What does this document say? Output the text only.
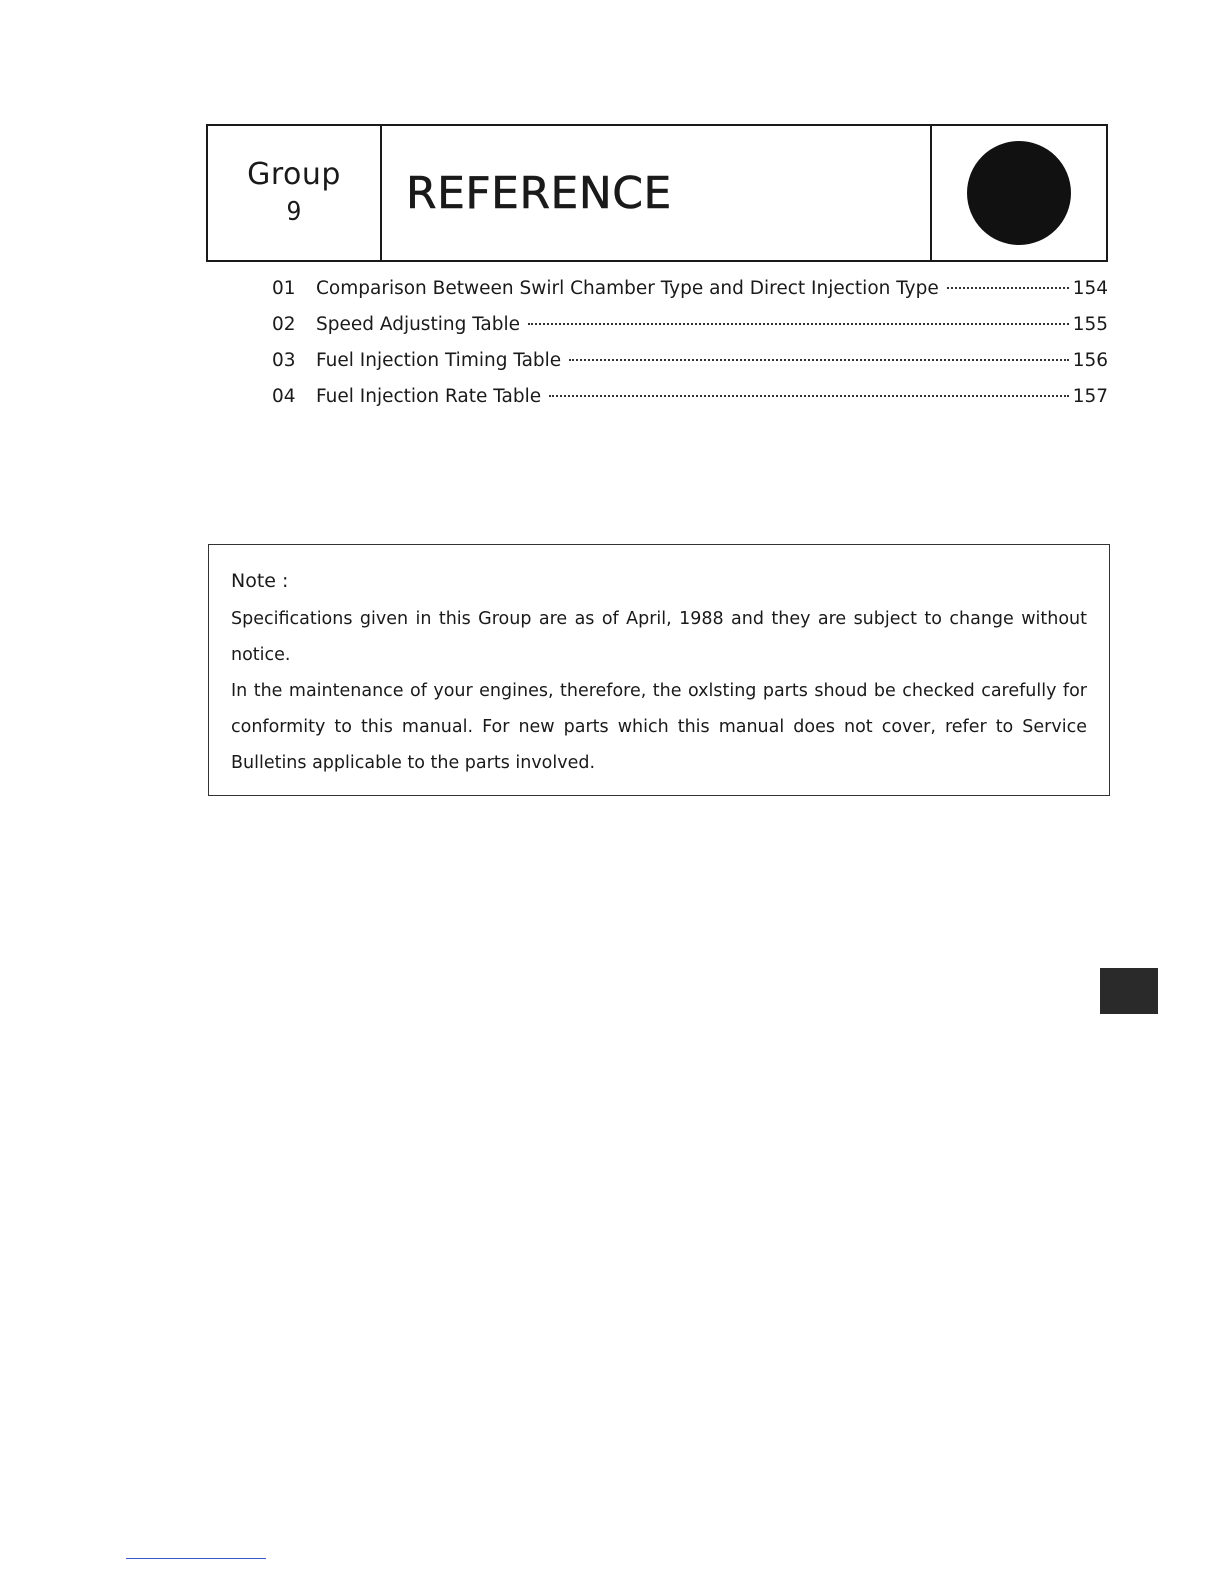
Group
9 REFERENCE
01	Comparison Between Swirl Chamber Type and Direct Injection Type	154
02	Speed Adjusting Table	155
03	Fuel Injection Timing Table	156
04	Fuel Injection Rate Table	157
Note :

Specifications given in this Group are as of April, 1988 and they are subject to change without notice.

In the maintenance of your engines, therefore, the oxlsting parts shoud be checked carefully for conformity to this manual. For new parts which this manual does not cover, refer to Service Bulletins applicable to the parts involved.
